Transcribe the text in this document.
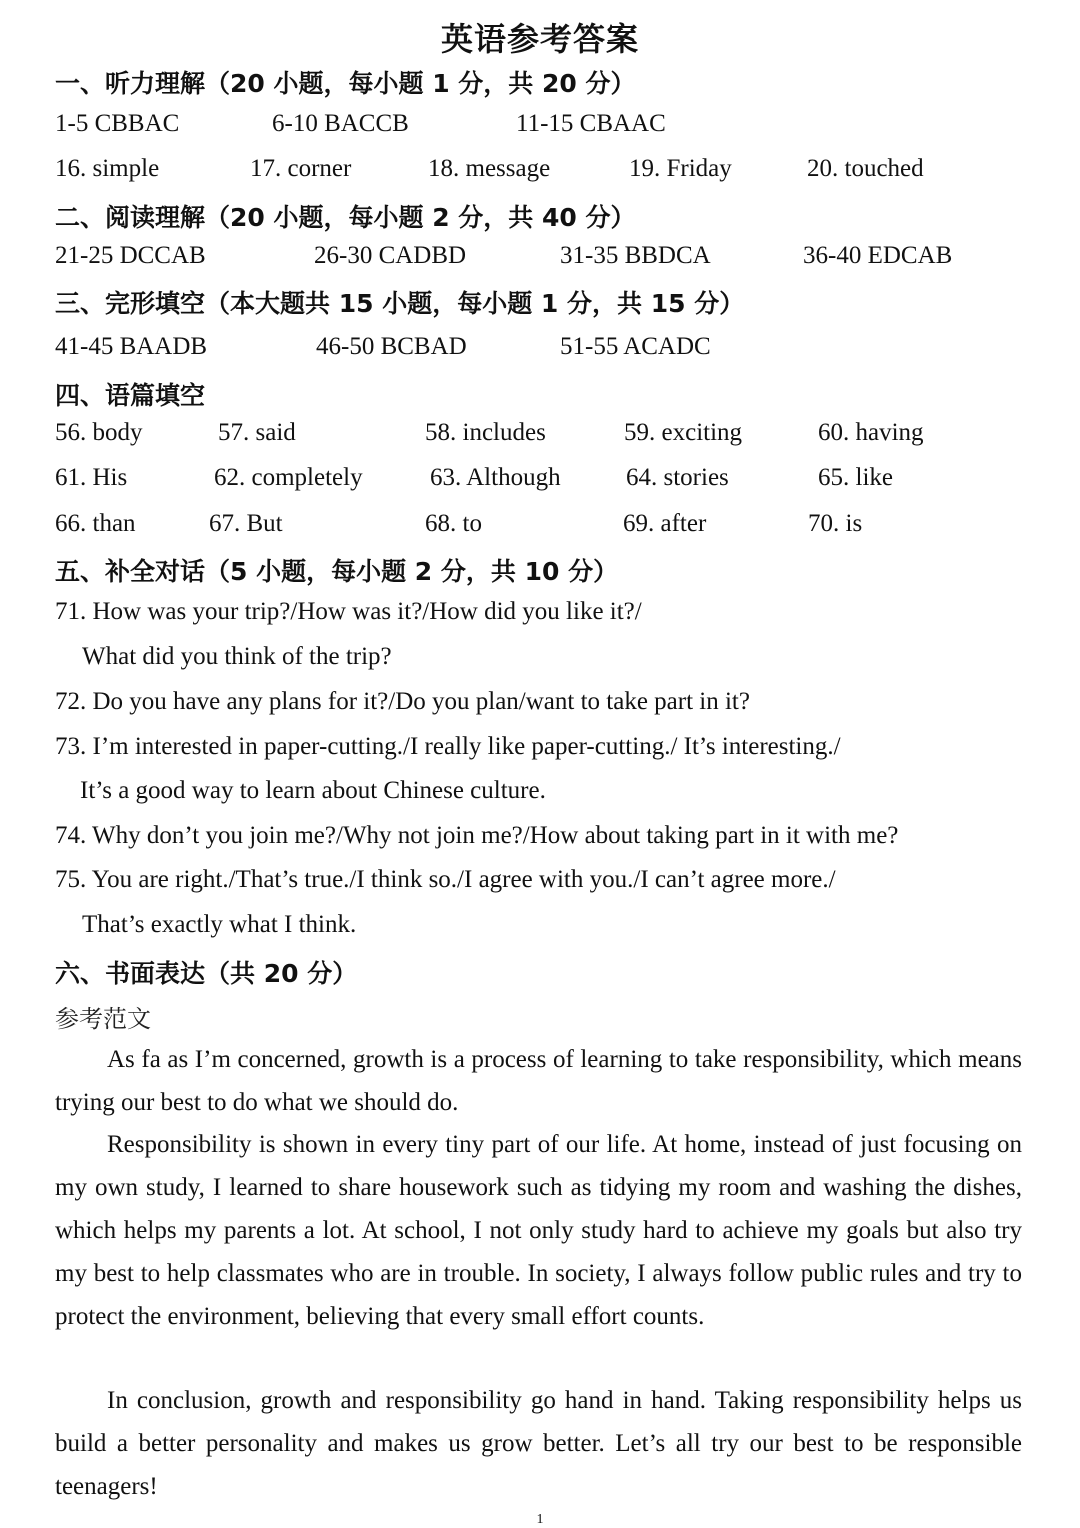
英语参考答案
一、听力理解（20 小题，每小题 1 分，共 20 分）
1-5 CBBAC	6-10 BACCB	11-15 CBAAC
16. simple	17. corner	18. message	19. Friday	20. touched
二、阅读理解（20 小题，每小题 2 分，共 40 分）
21-25 DCCAB	26-30 CADBD	31-35 BBDCA	36-40 EDCAB
三、完形填空（本大题共 15 小题，每小题 1 分，共 15 分）
41-45 BAADB	46-50 BCBAD	51-55 ACADC
四、语篇填空
56. body	57. said	58. includes	59. exciting	60. having
61. His	62. completely	63. Although	64. stories	65. like
66. than	67. But	68. to	69. after	70. is
五、补全对话（5 小题，每小题 2 分，共 10 分）
71. How was your trip?/How was it?/How did you like it?/
What did you think of the trip?
72. Do you have any plans for it?/Do you plan/want to take part in it?
73. I’m interested in paper-cutting./I really like paper-cutting./ It’s interesting./
It’s a good way to learn about Chinese culture.
74. Why don’t you join me?/Why not join me?/How about taking part in it with me?
75. You are right./That’s true./I think so./I agree with you./I can’t agree more./
That’s exactly what I think.
六、书面表达（共 20 分）
参考范文
As fa as I’m concerned, growth is a process of learning to take responsibility, which means trying our best to do what we should do.
Responsibility is shown in every tiny part of our life. At home, instead of just focusing on my own study, I learned to share housework such as tidying my room and washing the dishes, which helps my parents a lot. At school, I not only study hard to achieve my goals but also try my best to help classmates who are in trouble. In society, I always follow public rules and try to protect the environment, believing that every small effort counts.
In conclusion, growth and responsibility go hand in hand. Taking responsibility helps us build a better personality and makes us grow better. Let’s all try our best to be responsible teenagers!
1
